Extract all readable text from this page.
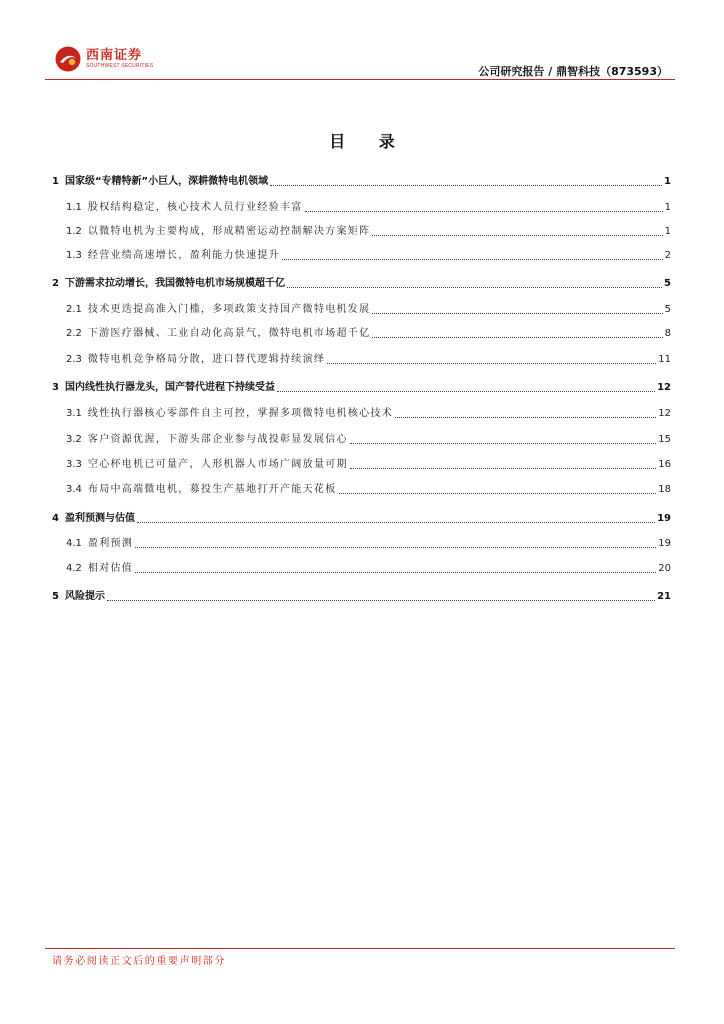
西南证券
SOUTHWEST SECURITIES	公司研究报告 / 鼎智科技（873593）
目 录
1 国家级“专精特新”小巨人，深耕微特电机领域	1
1.1 股权结构稳定，核心技术人员行业经验丰富	1
1.2 以微特电机为主要构成，形成精密运动控制解决方案矩阵	1
1.3 经营业绩高速增长，盈利能力快速提升	2
2 下游需求拉动增长，我国微特电机市场规模超千亿	5
2.1 技术更迭提高准入门槛，多项政策支持国产微特电机发展	5
2.2 下游医疗器械、工业自动化高景气，微特电机市场超千亿	8
2.3 微特电机竞争格局分散，进口替代逻辑持续演绎	11
3 国内线性执行器龙头，国产替代进程下持续受益	12
3.1 线性执行器核心零部件自主可控，掌握多项微特电机核心技术	12
3.2 客户资源优渥，下游头部企业参与战投彰显发展信心	15
3.3 空心杯电机已可量产，人形机器人市场广阔放量可期	16
3.4 布局中高端微电机，募投生产基地打开产能天花板	18
4 盈利预测与估值	19
4.1 盈利预测	19
4.2 相对估值	20
5 风险提示	21
请务必阅读正文后的重要声明部分
